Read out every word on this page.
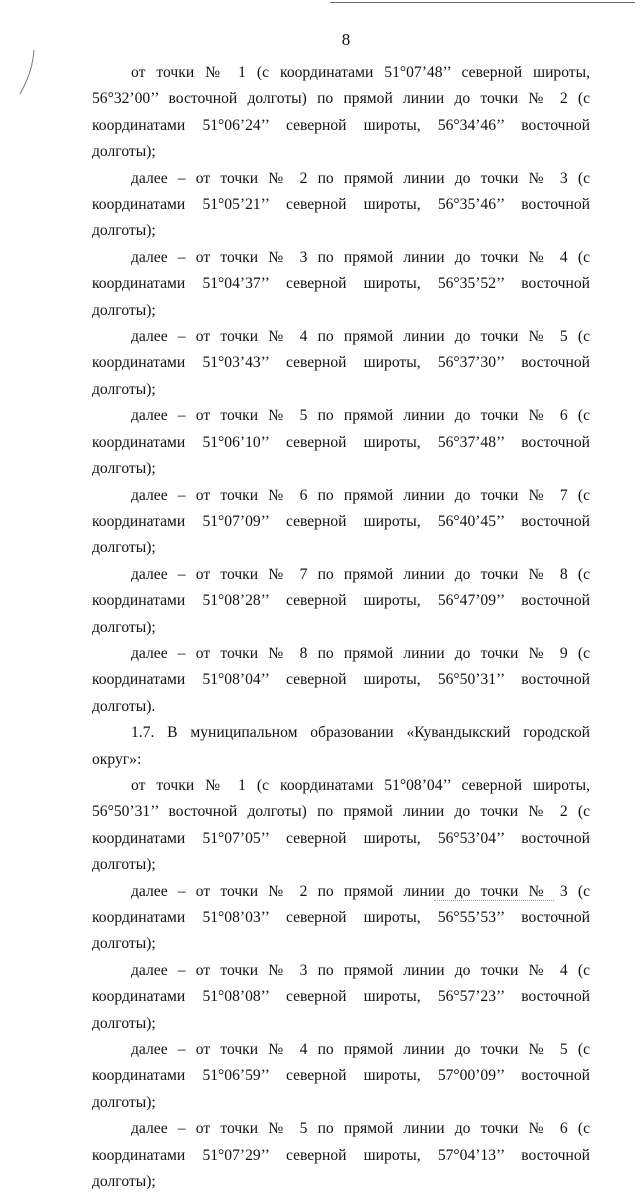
8

от точки № 1 (с координатами 51°07’48’’ северной широты, 56°32’00’’ восточной долготы) по прямой линии до точки № 2 (с координатами 51°06’24’’ северной широты, 56°34’46’’ восточной долготы);

далее – от точки № 2 по прямой линии до точки № 3 (с координатами 51°05’21’’ северной широты, 56°35’46’’ восточной долготы);

далее – от точки № 3 по прямой линии до точки № 4 (с координатами 51°04’37’’ северной широты, 56°35’52’’ восточной долготы);

далее – от точки № 4 по прямой линии до точки № 5 (с координатами 51°03’43’’ северной широты, 56°37’30’’ восточной долготы);

далее – от точки № 5 по прямой линии до точки № 6 (с координатами 51°06’10’’ северной широты, 56°37’48’’ восточной долготы);

далее – от точки № 6 по прямой линии до точки № 7 (с координатами 51°07’09’’ северной широты, 56°40’45’’ восточной долготы);

далее – от точки № 7 по прямой линии до точки № 8 (с координатами 51°08’28’’ северной широты, 56°47’09’’ восточной долготы);

далее – от точки № 8 по прямой линии до точки № 9 (с координатами 51°08’04’’ северной широты, 56°50’31’’ восточной долготы).

1.7. В муниципальном образовании «Кувандыкский городской округ»:

от точки № 1 (с координатами 51°08’04’’ северной широты, 56°50’31’’ восточной долготы) по прямой линии до точки № 2 (с координатами 51°07’05’’ северной широты, 56°53’04’’ восточной долготы);

далее – от точки № 2 по прямой линии до точки № 3 (с координатами 51°08’03’’ северной широты, 56°55’53’’ восточной долготы);

далее – от точки № 3 по прямой линии до точки № 4 (с координатами 51°08’08’’ северной широты, 56°57’23’’ восточной долготы);

далее – от точки № 4 по прямой линии до точки № 5 (с координатами 51°06’59’’ северной широты, 57°00’09’’ восточной долготы);

далее – от точки № 5 по прямой линии до точки № 6 (с координатами 51°07’29’’ северной широты, 57°04’13’’ восточной долготы);
